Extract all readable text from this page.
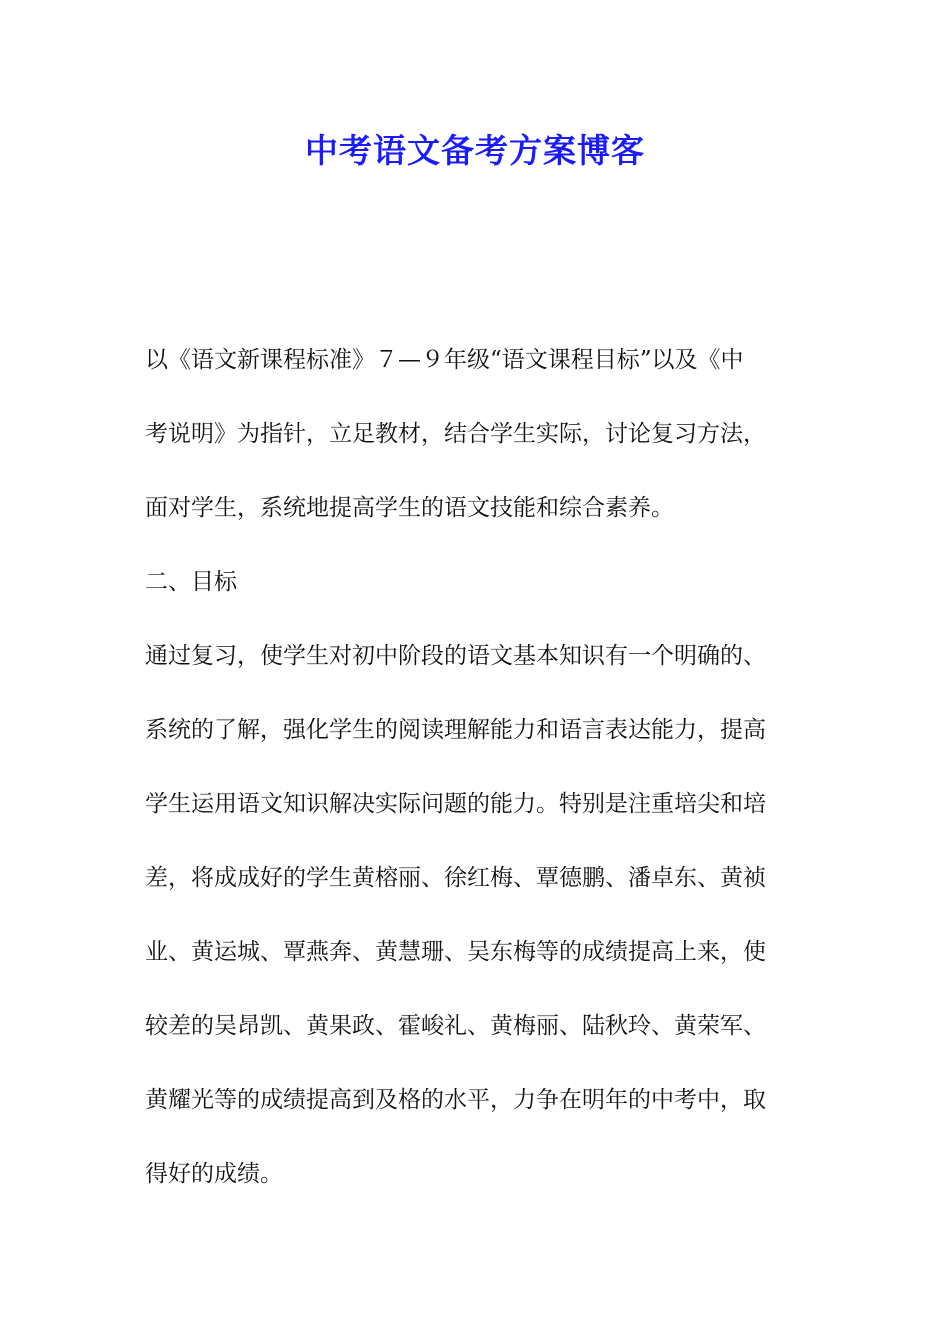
中考语文备考方案博客

以《语文新课程标准》７—９年级“语文课程目标”以及《中

考说明》为指针，立足教材，结合学生实际，讨论复习方法，

面对学生，系统地提高学生的语文技能和综合素养。

二、目标

通过复习，使学生对初中阶段的语文基本知识有一个明确的、

系统的了解，强化学生的阅读理解能力和语言表达能力，提高

学生运用语文知识解决实际问题的能力。特别是注重培尖和培

差，将成成好的学生黄榕丽、徐红梅、覃德鹏、潘卓东、黄祯

业、黄运城、覃燕奔、黄慧珊、吴东梅等的成绩提高上来，使

较差的吴昂凯、黄果政、霍峻礼、黄梅丽、陆秋玲、黄荣军、

黄耀光等的成绩提高到及格的水平，力争在明年的中考中，取

得好的成绩。
